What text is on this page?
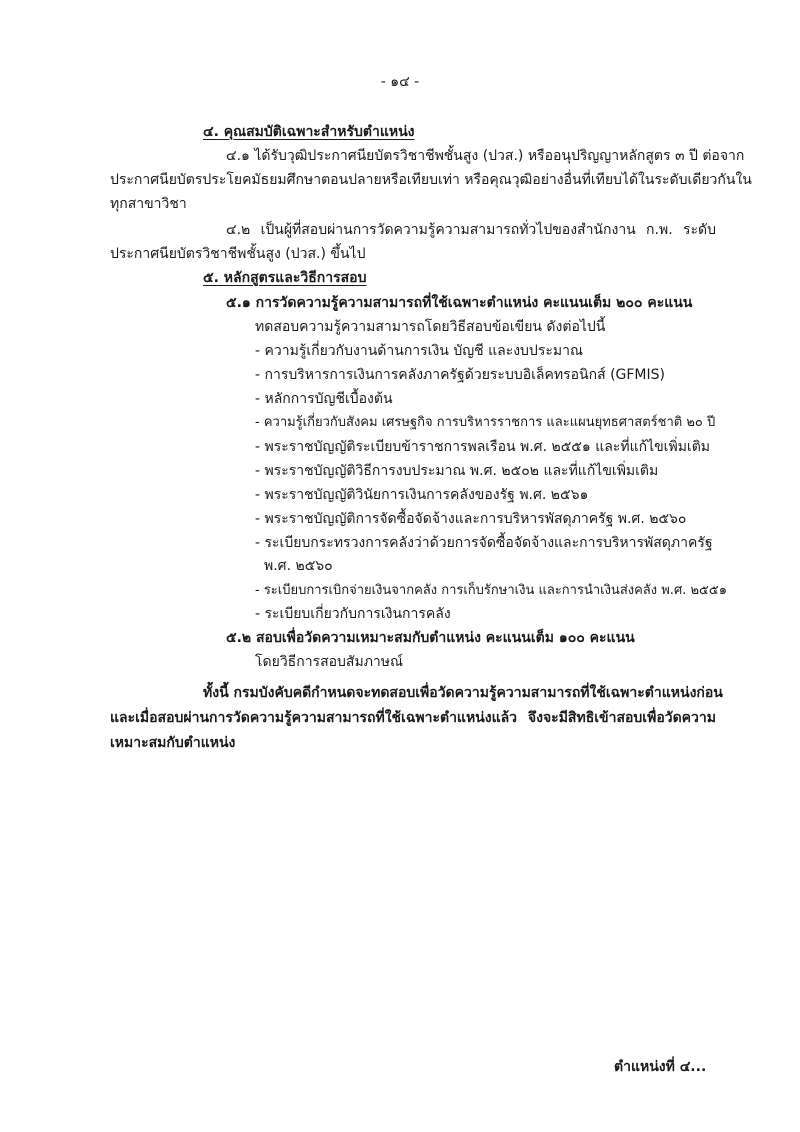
- ๑๔ -
๔. คุณสมบัติเฉพาะสำหรับตำแหน่ง
๔.๑ ได้รับวุฒิประกาศนียบัตรวิชาชีพชั้นสูง (ปวส.) หรืออนุปริญญาหลักสูตร ๓ ปี ต่อจาก
ประกาศนียบัตรประโยคมัธยมศึกษาตอนปลายหรือเทียบเท่า หรือคุณวุฒิอย่างอื่นที่เทียบได้ในระดับเดียวกันใน
ทุกสาขาวิชา
๔.๒ เป็นผู้ที่สอบผ่านการวัดความรู้ความสามารถทั่วไปของสำนักงาน ก.พ. ระดับ
ประกาศนียบัตรวิชาชีพชั้นสูง (ปวส.) ขึ้นไป
๕. หลักสูตรและวิธีการสอบ
๕.๑ การวัดความรู้ความสามารถที่ใช้เฉพาะตำแหน่ง คะแนนเต็ม ๒๐๐ คะแนน
ทดสอบความรู้ความสามารถโดยวิธีสอบข้อเขียน ดังต่อไปนี้
- ความรู้เกี่ยวกับงานด้านการเงิน บัญชี และงบประมาณ
- การบริหารการเงินการคลังภาครัฐด้วยระบบอิเล็คทรอนิกส์ (GFMIS)
- หลักการบัญชีเบื้องต้น
- ความรู้เกี่ยวกับสังคม เศรษฐกิจ การบริหารราชการ และแผนยุทธศาสตร์ชาติ ๒๐ ปี
- พระราชบัญญัติระเบียบข้าราชการพลเรือน พ.ศ. ๒๕๕๑ และที่แก้ไขเพิ่มเติม
- พระราชบัญญัติวิธีการงบประมาณ พ.ศ. ๒๕๐๒ และที่แก้ไขเพิ่มเติม
- พระราชบัญญัติวินัยการเงินการคลังของรัฐ พ.ศ. ๒๕๖๑
- พระราชบัญญัติการจัดซื้อจัดจ้างและการบริหารพัสดุภาครัฐ พ.ศ. ๒๕๖๐
- ระเบียบกระทรวงการคลังว่าด้วยการจัดซื้อจัดจ้างและการบริหารพัสดุภาครัฐ
พ.ศ. ๒๕๖๐
- ระเบียบการเบิกจ่ายเงินจากคลัง การเก็บรักษาเงิน และการนำเงินส่งคลัง พ.ศ. ๒๕๕๑
- ระเบียบเกี่ยวกับการเงินการคลัง
๕.๒ สอบเพื่อวัดความเหมาะสมกับตำแหน่ง คะแนนเต็ม ๑๐๐ คะแนน
โดยวิธีการสอบสัมภาษณ์
ทั้งนี้ กรมบังคับคดีกำหนดจะทดสอบเพื่อวัดความรู้ความสามารถที่ใช้เฉพาะตำแหน่งก่อน
และเมื่อสอบผ่านการวัดความรู้ความสามารถที่ใช้เฉพาะตำแหน่งแล้ว จึงจะมีสิทธิเข้าสอบเพื่อวัดความ
เหมาะสมกับตำแหน่ง
ตำแหน่งที่ ๔...
